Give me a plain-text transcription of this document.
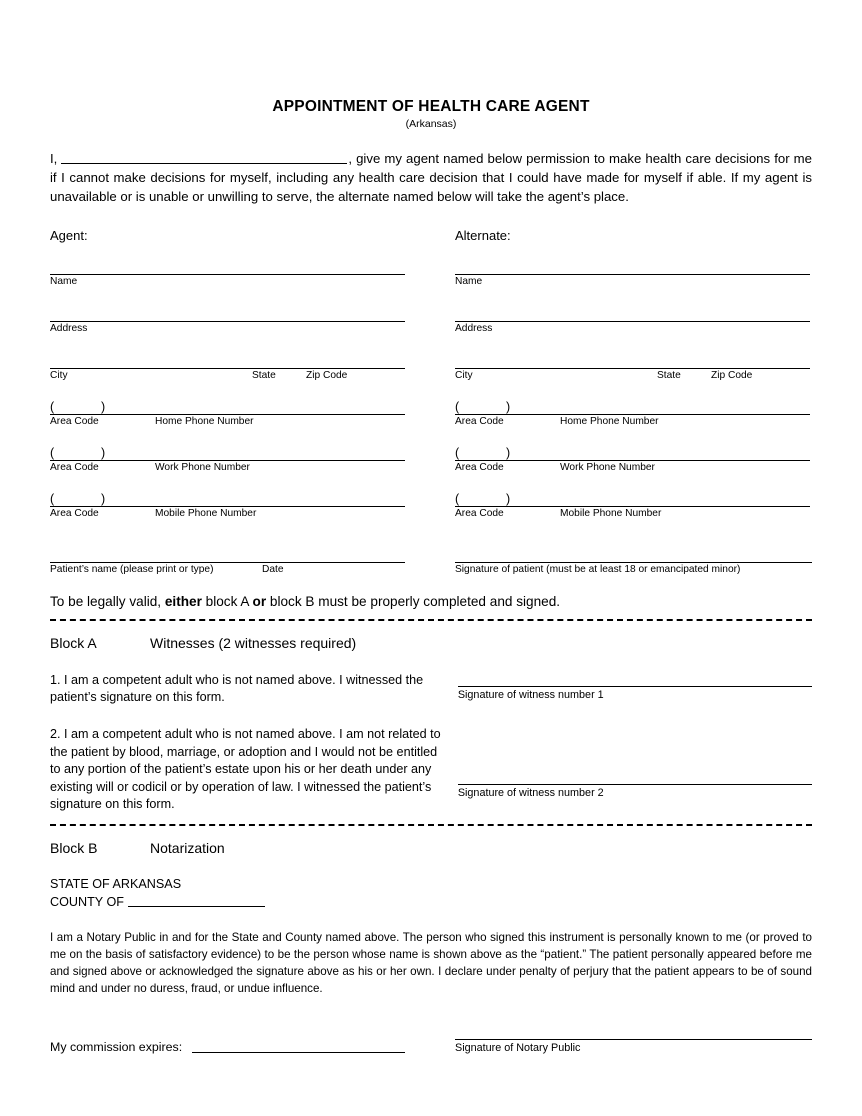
APPOINTMENT OF HEALTH CARE AGENT
(Arkansas)
I,	, give my agent named below permission to make health care decisions for me if I cannot make decisions for myself, including any health care decision that I could have made for myself if able. If my agent is unavailable or is unable or unwilling to serve, the alternate named below will take the agent’s place.
Agent:
Name
Address
City	State	Zip Code
(	)
Area Code	Home Phone Number
(	)
Area Code	Work Phone Number
(	)
Area Code	Mobile Phone Number
Alternate:
Name
Address
City	State	Zip Code
(	)
Area Code	Home Phone Number
(	)
Area Code	Work Phone Number
(	)
Area Code	Mobile Phone Number
Patient’s name (please print or type)	Date	Signature of patient (must be at least 18 or emancipated minor)
To be legally valid, either block A or block B must be properly completed and signed.
Block A	Witnesses (2 witnesses required)
1. I am a competent adult who is not named above. I witnessed the patient’s signature on this form.	Signature of witness number 1
2. I am a competent adult who is not named above. I am not related to the patient by blood, marriage, or adoption and I would not be entitled to any portion of the patient’s estate upon his or her death under any existing will or codicil or by operation of law. I witnessed the patient’s signature on this form.
Signature of witness number 2
Block B	Notarization
STATE OF ARKANSAS
COUNTY OF
I am a Notary Public in and for the State and County named above. The person who signed this instrument is personally known to me (or proved to me on the basis of satisfactory evidence) to be the person whose name is shown above as the “patient.” The patient personally appeared before me and signed above or acknowledged the signature above as his or her own. I declare under penalty of perjury that the patient appears to be of sound mind and under no duress, fraud, or undue influence.
My commission expires:	Signature of Notary Public
